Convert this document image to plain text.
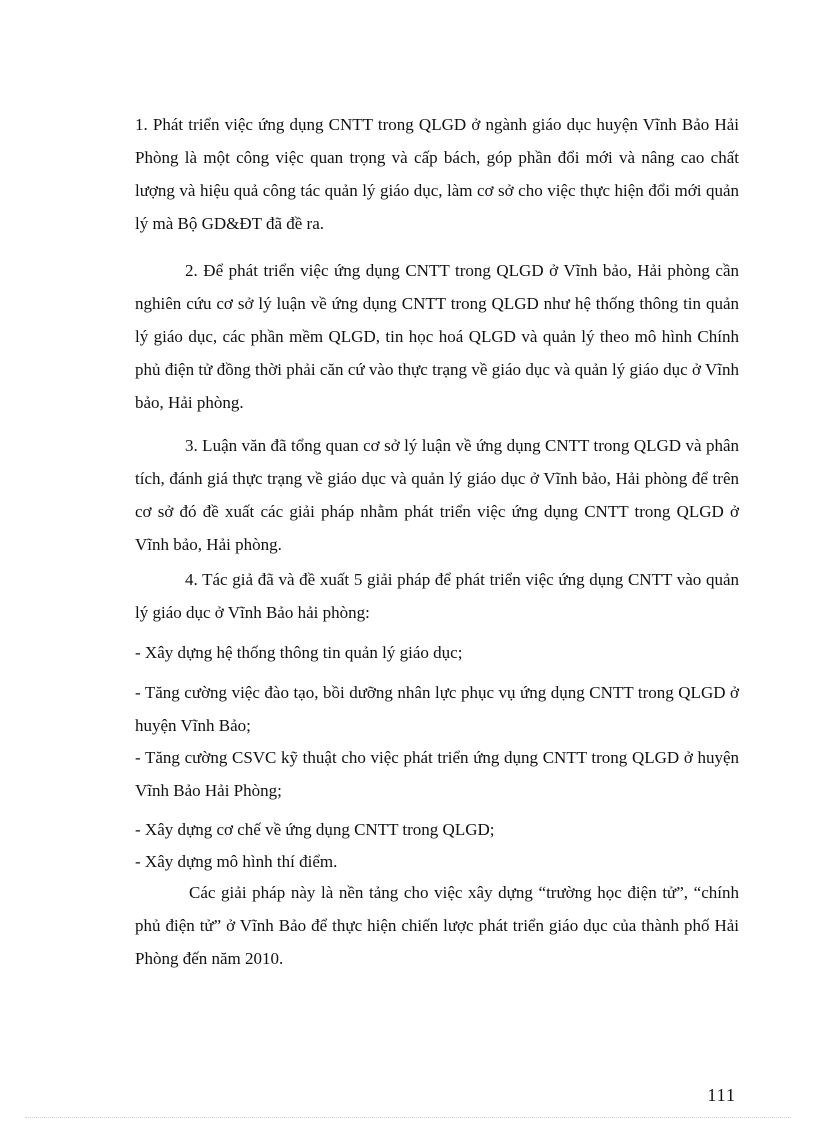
1. Phát triển việc ứng dụng CNTT trong QLGD ở ngành giáo dục huyện Vĩnh Bảo Hải Phòng là một công việc quan trọng và cấp bách, góp phần đổi mới và nâng cao chất lượng và hiệu quả công tác quản lý giáo dục, làm cơ sở cho việc thực hiện đổi mới quản lý mà Bộ GD&ĐT đã đề ra.

2. Để phát triển việc ứng dụng CNTT trong QLGD ở Vĩnh bảo, Hải phòng cần nghiên cứu cơ sở lý luận về ứng dụng CNTT trong QLGD như hệ thống thông tin quản lý giáo dục, các phần mềm QLGD, tin học hoá QLGD và quản lý theo mô hình Chính phủ điện tử đồng thời phải căn cứ vào thực trạng về giáo dục và quản lý giáo dục ở Vĩnh bảo, Hải phòng.

3. Luận văn đã tổng quan cơ sở lý luận về ứng dụng CNTT trong QLGD và phân tích, đánh giá thực trạng về giáo dục và quản lý giáo dục ở Vĩnh bảo, Hải phòng để trên cơ sở đó đề xuất các giải pháp nhằm phát triển việc ứng dụng CNTT trong QLGD ở Vĩnh bảo, Hải phòng.

4. Tác giả đã và đề xuất 5 giải pháp để phát triển việc ứng dụng CNTT vào quản lý giáo dục ở Vĩnh Bảo hải phòng:

- Xây dựng hệ thống thông tin quản lý giáo dục;

- Tăng cường việc đào tạo, bồi dưỡng nhân lực phục vụ ứng dụng CNTT trong QLGD ở huyện Vĩnh Bảo;

- Tăng cường CSVC kỹ thuật cho việc phát triển ứng dụng CNTT trong QLGD ở huyện Vĩnh Bảo Hải Phòng;

- Xây dựng cơ chế về ứng dụng CNTT trong QLGD;

- Xây dựng mô hình thí điểm.

Các giải pháp này là nền tảng cho việc xây dựng “trường học điện tử”, “chính phủ điện tử” ở Vĩnh Bảo để thực hiện chiến lược phát triển giáo dục của thành phố Hải Phòng đến năm 2010.

111
